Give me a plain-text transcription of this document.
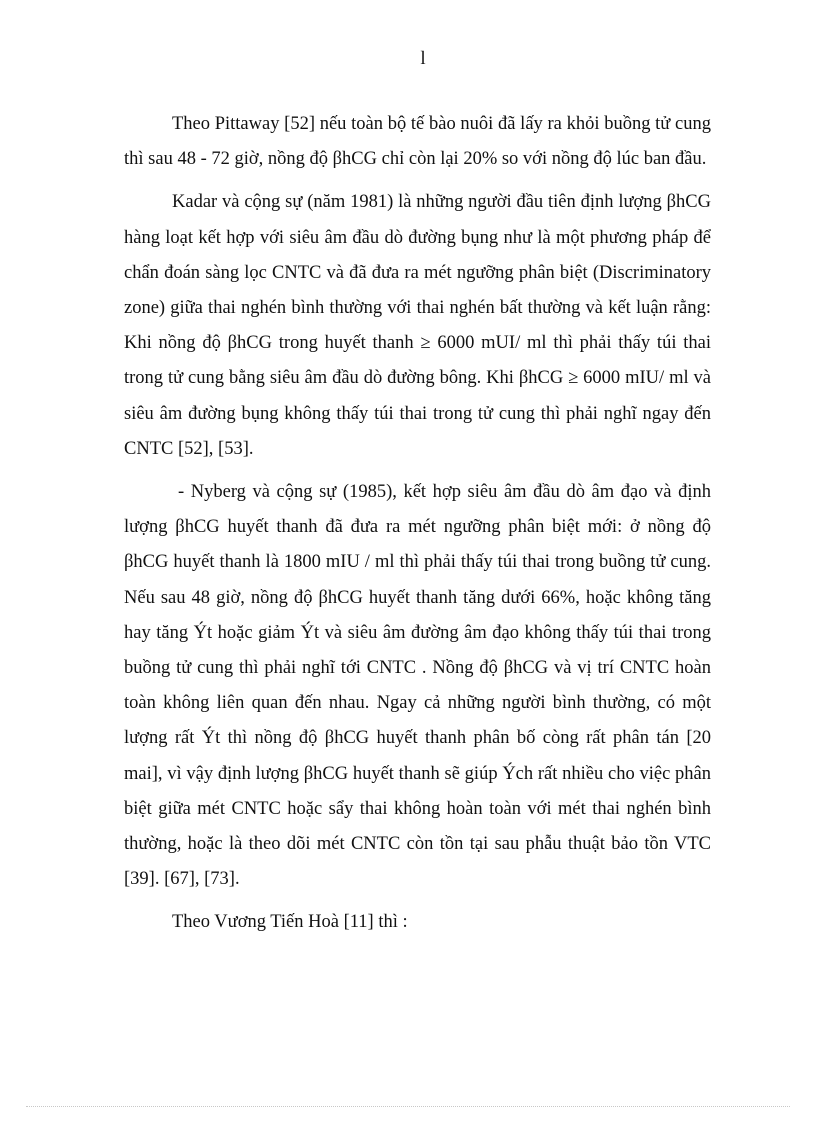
l

Theo Pittaway [52] nếu toàn bộ tế bào nuôi đã lấy ra khỏi buồng tử cung thì sau 48 - 72 giờ, nồng độ βhCG chỉ còn lại 20% so với nồng độ lúc ban đầu.

Kadar và cộng sự (năm 1981) là những người đầu tiên định lượng βhCG hàng loạt kết hợp với siêu âm đầu dò đường bụng như là một phương pháp để chẩn đoán sàng lọc CNTC và đã đưa ra mét ngưỡng phân biệt (Discriminatory zone) giữa thai nghén bình thường với thai nghén bất thường và kết luận rằng: Khi nồng độ βhCG trong huyết thanh ≥ 6000 mUI/ ml thì phải thấy túi thai trong tử cung bằng siêu âm đầu dò đường bông. Khi βhCG ≥ 6000 mIU/ ml và siêu âm đường bụng không thấy túi thai trong tử cung thì phải nghĩ ngay đến CNTC [52], [53].

- Nyberg và cộng sự (1985), kết hợp siêu âm đầu dò âm đạo và định lượng βhCG huyết thanh đã đưa ra mét ngưỡng phân biệt mới: ở nồng độ βhCG huyết thanh là 1800 mIU / ml thì phải thấy túi thai trong buồng tử cung. Nếu sau 48 giờ, nồng độ βhCG huyết thanh tăng dưới 66%, hoặc không tăng hay tăng Ýt hoặc giảm Ýt và siêu âm đường âm đạo không thấy túi thai trong buồng tử cung thì phải nghĩ tới CNTC . Nồng độ βhCG và vị trí CNTC hoàn toàn không liên quan đến nhau. Ngay cả những người bình thường, có một lượng rất Ýt thì nồng độ βhCG huyết thanh phân bố còng rất phân tán [20 mai], vì vậy định lượng βhCG huyết thanh sẽ giúp Ých rất nhiều cho việc phân biệt giữa mét CNTC hoặc sẩy thai không hoàn toàn với mét thai nghén bình thường, hoặc là theo dõi mét CNTC còn tồn tại sau phẫu thuật bảo tồn VTC [39]. [67], [73].

Theo Vương Tiến Hoà [11] thì :
